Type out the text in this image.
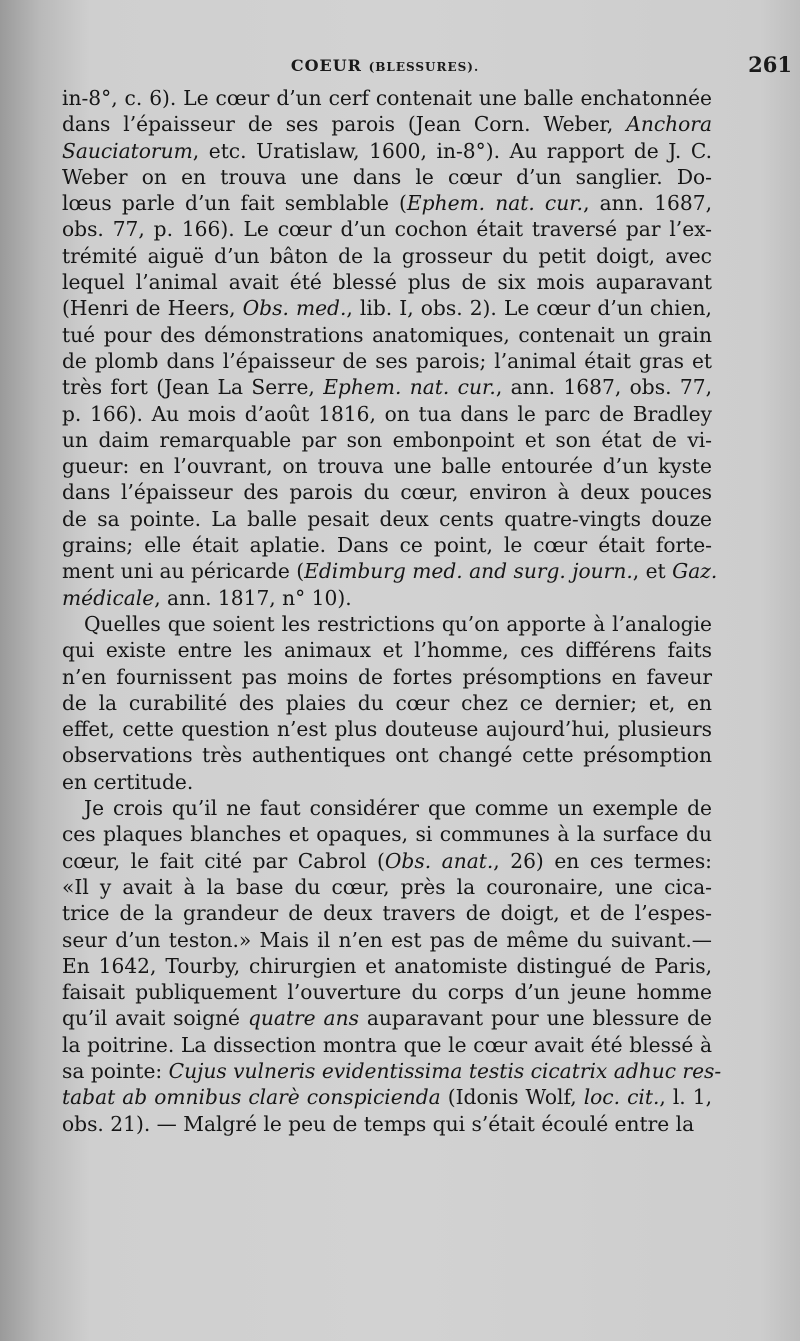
COEUR (BLESSURES).	261
in-8°, c. 6). Le cœur d’un cerf contenait une balle enchatonnée
dans l’épaisseur de ses parois (Jean Corn. Weber, Anchora
Sauciatorum, etc. Uratislaw, 1600, in-8°). Au rapport de J. C.
Weber on en trouva une dans le cœur d’un sanglier. Do-
lœus parle d’un fait semblable (Ephem. nat. cur., ann. 1687,
obs. 77, p. 166). Le cœur d’un cochon était traversé par l’ex-
trémité aiguë d’un bâton de la grosseur du petit doigt, avec
lequel l’animal avait été blessé plus de six mois auparavant
(Henri de Heers, Obs. med., lib. I, obs. 2). Le cœur d’un chien,
tué pour des démonstrations anatomiques, contenait un grain
de plomb dans l’épaisseur de ses parois; l’animal était gras et
très fort (Jean La Serre, Ephem. nat. cur., ann. 1687, obs. 77,
p. 166). Au mois d’août 1816, on tua dans le parc de Bradley
un daim remarquable par son embonpoint et son état de vi-
gueur: en l’ouvrant, on trouva une balle entourée d’un kyste
dans l’épaisseur des parois du cœur, environ à deux pouces
de sa pointe. La balle pesait deux cents quatre-vingts douze
grains; elle était aplatie. Dans ce point, le cœur était forte-
ment uni au péricarde (Edimburg med. and surg. journ., et Gaz.
médicale, ann. 1817, n° 10).
Quelles que soient les restrictions qu’on apporte à l’analogie
qui existe entre les animaux et l’homme, ces différens faits
n’en fournissent pas moins de fortes présomptions en faveur
de la curabilité des plaies du cœur chez ce dernier; et, en
effet, cette question n’est plus douteuse aujourd’hui, plusieurs
observations très authentiques ont changé cette présomption
en certitude.
Je crois qu’il ne faut considérer que comme un exemple de
ces plaques blanches et opaques, si communes à la surface du
cœur, le fait cité par Cabrol (Obs. anat., 26) en ces termes:
«Il y avait à la base du cœur, près la couronaire, une cica-
trice de la grandeur de deux travers de doigt, et de l’espes-
seur d’un teston.» Mais il n’en est pas de même du suivant.—
En 1642, Tourby, chirurgien et anatomiste distingué de Paris,
faisait publiquement l’ouverture du corps d’un jeune homme
qu’il avait soigné quatre ans auparavant pour une blessure de
la poitrine. La dissection montra que le cœur avait été blessé à
sa pointe: Cujus vulneris evidentissima testis cicatrix adhuc res-
tabat ab omnibus clarè conspicienda (Idonis Wolf, loc. cit., l. 1,
obs. 21). — Malgré le peu de temps qui s’était écoulé entre la
